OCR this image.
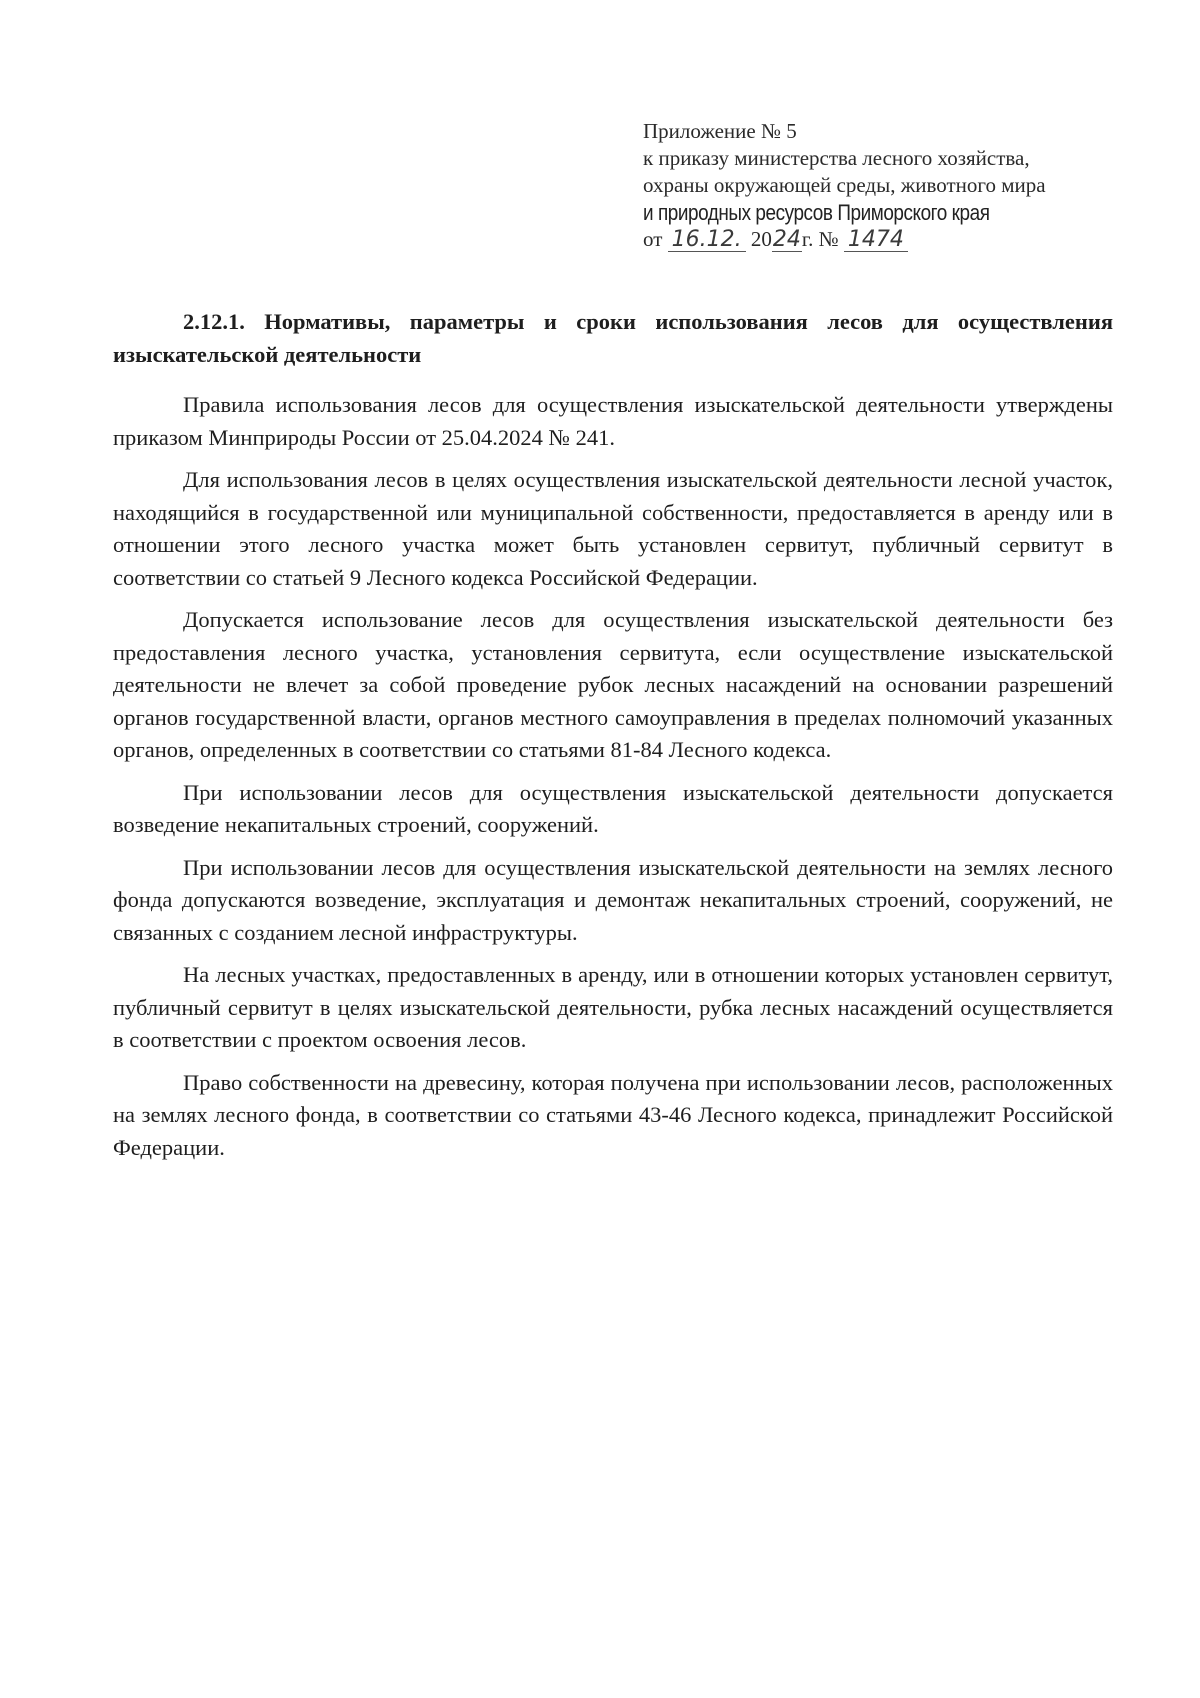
Приложение № 5
к приказу министерства лесного хозяйства,
охраны окружающей среды, животного мира
и природных ресурсов Приморского края
от 16.12. 2024г. № 1474

2.12.1. Нормативы, параметры и сроки использования лесов для осуществления изыскательской деятельности

Правила использования лесов для осуществления изыскательской деятельности утверждены приказом Минприроды России от 25.04.2024 № 241.

Для использования лесов в целях осуществления изыскательской деятельности лесной участок, находящийся в государственной или муниципальной собственности, предоставляется в аренду или в отношении этого лесного участка может быть установлен сервитут, публичный сервитут в соответствии со статьей 9 Лесного кодекса Российской Федерации.

Допускается использование лесов для осуществления изыскательской деятельности без предоставления лесного участка, установления сервитута, если осуществление изыскательской деятельности не влечет за собой проведение рубок лесных насаждений на основании разрешений органов государственной власти, органов местного самоуправления в пределах полномочий указанных органов, определенных в соответствии со статьями 81-84 Лесного кодекса.

При использовании лесов для осуществления изыскательской деятельности допускается возведение некапитальных строений, сооружений.

При использовании лесов для осуществления изыскательской деятельности на землях лесного фонда допускаются возведение, эксплуатация и демонтаж некапитальных строений, сооружений, не связанных с созданием лесной инфраструктуры.

На лесных участках, предоставленных в аренду, или в отношении которых установлен сервитут, публичный сервитут в целях изыскательской деятельности, рубка лесных насаждений осуществляется в соответствии с проектом освоения лесов.

Право собственности на древесину, которая получена при использовании лесов, расположенных на землях лесного фонда, в соответствии со статьями 43-46 Лесного кодекса, принадлежит Российской Федерации.
